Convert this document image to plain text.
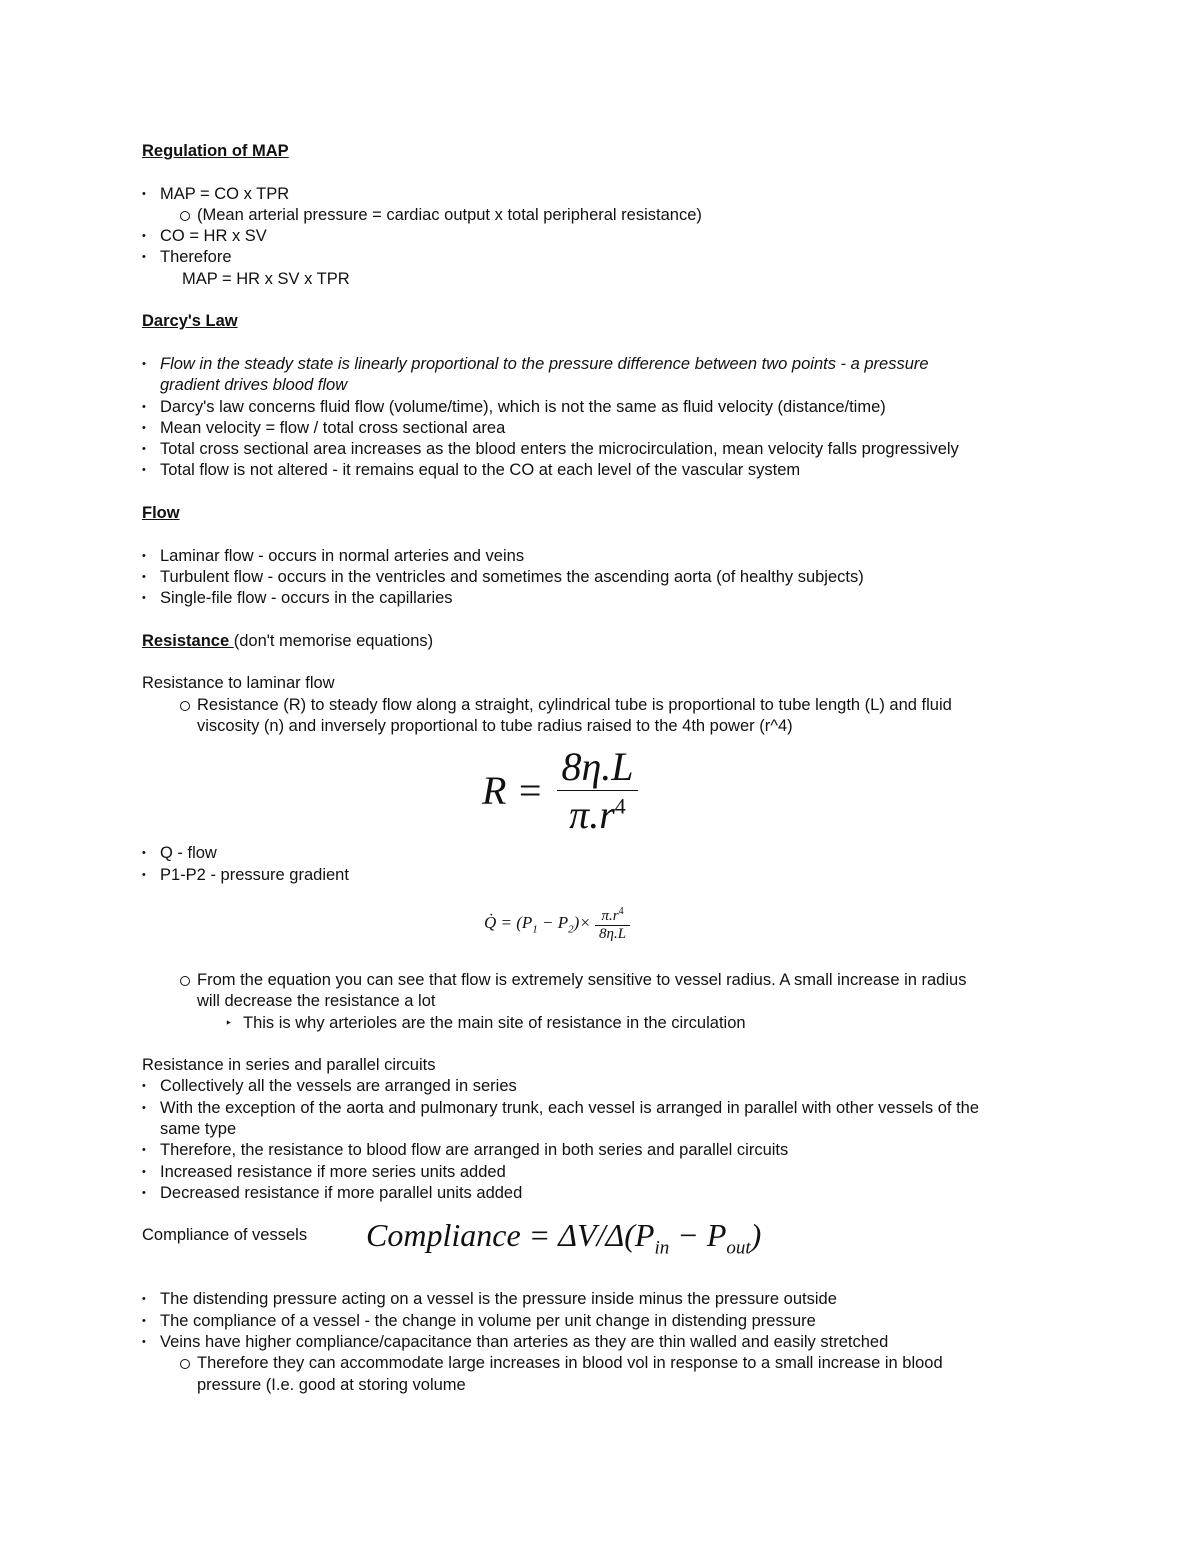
Regulation of MAP
• MAP = CO x TPR
(Mean arterial pressure = cardiac output x total peripheral resistance)
• CO = HR x SV
• Therefore
MAP = HR x SV x TPR
Darcy's Law
• Flow in the steady state is linearly proportional to the pressure difference between two points - a pressure
gradient drives blood flow
• Darcy's law concerns fluid flow (volume/time), which is not the same as fluid velocity (distance/time)
• Mean velocity = flow / total cross sectional area
• Total cross sectional area increases as the blood enters the microcirculation, mean velocity falls progressively
• Total flow is not altered - it remains equal to the CO at each level of the vascular system
Flow
• Laminar flow - occurs in normal arteries and veins
• Turbulent flow - occurs in the ventricles and sometimes the ascending aorta (of healthy subjects)
• Single-file flow - occurs in the capillaries
Resistance (don't memorise equations)
Resistance to laminar flow
Resistance (R) to steady flow along a straight, cylindrical tube is proportional to tube length (L) and fluid
viscosity (n) and inversely proportional to tube radius raised to the 4th power (r^4)
$R = \frac{8\eta.L}{\pi.r^4}$
• Q - flow
• P1-P2 - pressure gradient
Q̇ = $(P_1 - P_2)\times \frac{\pi.r^4}{8\eta.L}$
From the equation you can see that flow is extremely sensitive to vessel radius. A small increase in radius
will decrease the resistance a lot
‣ This is why arterioles are the main site of resistance in the circulation
Resistance in series and parallel circuits
• Collectively all the vessels are arranged in series
• With the exception of the aorta and pulmonary trunk, each vessel is arranged in parallel with other vessels of the
same type
• Therefore, the resistance to blood flow are arranged in both series and parallel circuits
• Increased resistance if more series units added
• Decreased resistance if more parallel units added
Compliance of vessels Compliance = $\Delta V/\Delta(P_{in} - P_{out})$
• The distending pressure acting on a vessel is the pressure inside minus the pressure outside
• The compliance of a vessel - the change in volume per unit change in distending pressure
• Veins have higher compliance/capacitance than arteries as they are thin walled and easily stretched
Therefore they can accommodate large increases in blood vol in response to a small increase in blood
pressure (I.e. good at storing volume
